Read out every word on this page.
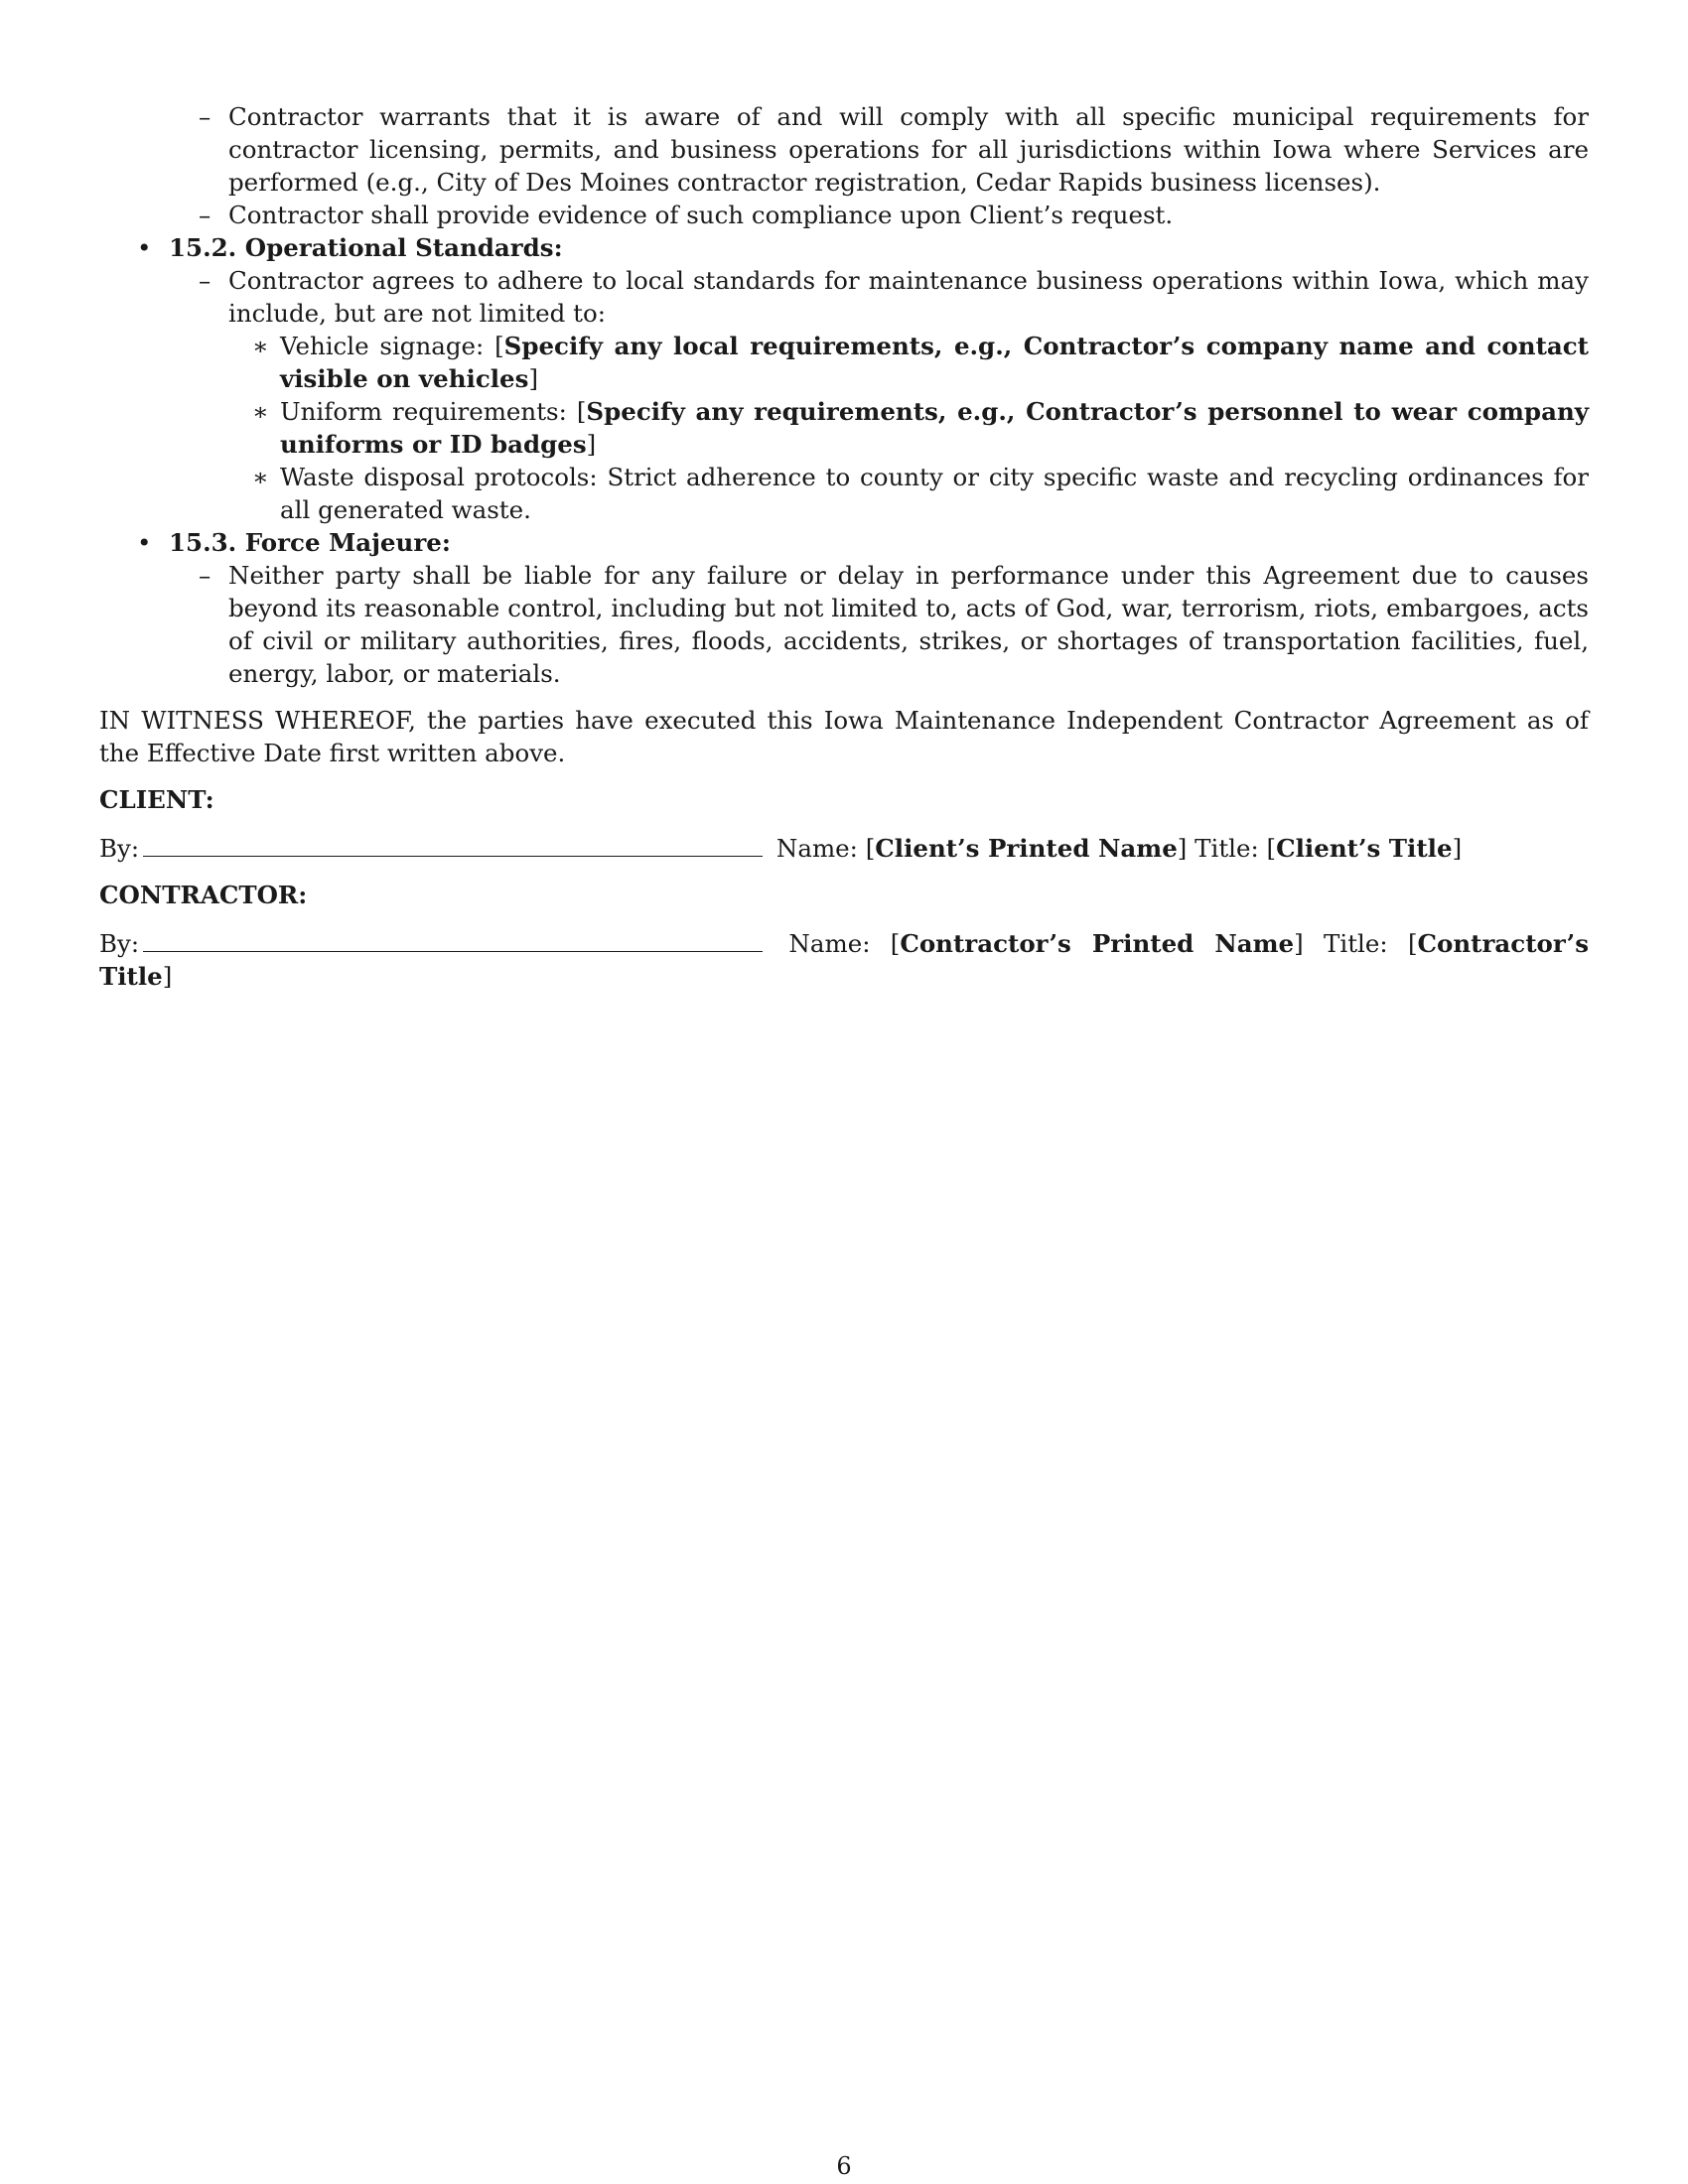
– Contractor warrants that it is aware of and will comply with all specific municipal requirements for contractor licensing, permits, and business operations for all jurisdictions within Iowa where Services are performed (e.g., City of Des Moines contractor registration, Cedar Rapids business licenses).
– Contractor shall provide evidence of such compliance upon Client’s request.
• 15.2. Operational Standards:
– Contractor agrees to adhere to local standards for maintenance business operations within Iowa, which may include, but are not limited to:
∗ Vehicle signage: [Specify any local requirements, e.g., Contractor’s company name and contact visible on vehicles]
∗ Uniform requirements: [Specify any requirements, e.g., Contractor’s personnel to wear company uniforms or ID badges]
∗ Waste disposal protocols: Strict adherence to county or city specific waste and recycling ordinances for all generated waste.
• 15.3. Force Majeure:
– Neither party shall be liable for any failure or delay in performance under this Agreement due to causes beyond its reasonable control, including but not limited to, acts of God, war, terrorism, riots, embargoes, acts of civil or military authorities, fires, floods, accidents, strikes, or shortages of transportation facilities, fuel, energy, labor, or materials.
IN WITNESS WHEREOF, the parties have executed this Iowa Maintenance Independent Contractor Agreement as of the Effective Date first written above.
CLIENT:
By:	Name: [Client’s Printed Name] Title: [Client’s Title]
CONTRACTOR:
By:	Name: [Contractor’s Printed Name] Title: [Contractor’s Title]
6
